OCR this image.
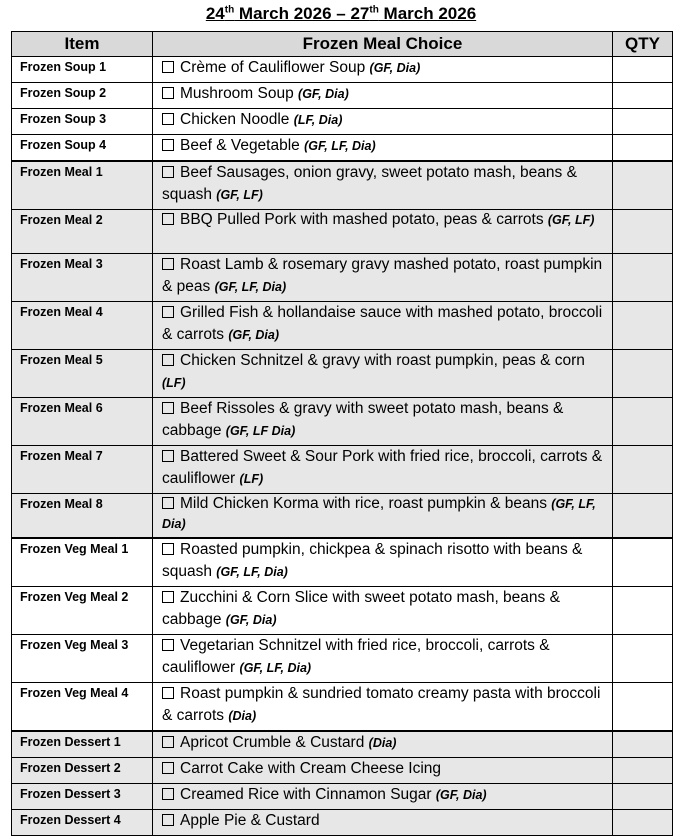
24th March 2026 – 27th March 2026
Item	Frozen Meal Choice	QTY
Frozen Soup 1	Crème of Cauliflower Soup (GF, Dia)	
Frozen Soup 2	Mushroom Soup (GF, Dia)	
Frozen Soup 3	Chicken Noodle (LF, Dia)	
Frozen Soup 4	Beef & Vegetable (GF, LF, Dia)	
Frozen Meal 1	Beef Sausages, onion gravy, sweet potato mash, beans & squash (GF, LF)	
Frozen Meal 2	BBQ Pulled Pork with mashed potato, peas & carrots (GF, LF)	
Frozen Meal 3	Roast Lamb & rosemary gravy mashed potato, roast pumpkin & peas (GF, LF, Dia)	
Frozen Meal 4	Grilled Fish & hollandaise sauce with mashed potato, broccoli & carrots (GF, Dia)	
Frozen Meal 5	Chicken Schnitzel & gravy with roast pumpkin, peas & corn (LF)	
Frozen Meal 6	Beef Rissoles & gravy with sweet potato mash, beans & cabbage (GF, LF Dia)	
Frozen Meal 7	Battered Sweet & Sour Pork with fried rice, broccoli, carrots & cauliflower (LF)	
Frozen Meal 8	Mild Chicken Korma with rice, roast pumpkin & beans (GF, LF, Dia)	
Frozen Veg Meal 1	Roasted pumpkin, chickpea & spinach risotto with beans & squash (GF, LF, Dia)	
Frozen Veg Meal 2	Zucchini & Corn Slice with sweet potato mash, beans & cabbage (GF, Dia)	
Frozen Veg Meal 3	Vegetarian Schnitzel with fried rice, broccoli, carrots & cauliflower (GF, LF, Dia)	
Frozen Veg Meal 4	Roast pumpkin & sundried tomato creamy pasta with broccoli & carrots (Dia)	
Frozen Dessert 1	Apricot Crumble & Custard (Dia)	
Frozen Dessert 2	Carrot Cake with Cream Cheese Icing	
Frozen Dessert 3	Creamed Rice with Cinnamon Sugar (GF, Dia)	
Frozen Dessert 4	Apple Pie & Custard	
